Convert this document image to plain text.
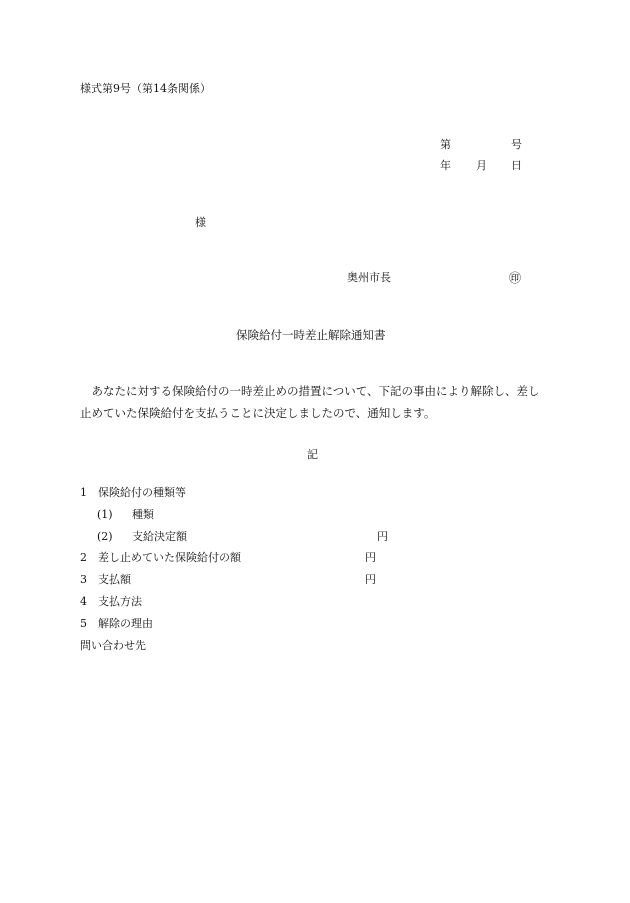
様式第9号（第14条関係）
第	号
年 月 日
様
奥州市長	㊞
保険給付一時差止解除通知書
　あなたに対する保険給付の一時差止めの措置について、下記の事由により解除し、差し
止めていた保険給付を支払うことに決定しましたので、通知します。
記
1　保険給付の種類等
(1) 種類
(2) 支給決定額	円
2　差し止めていた保険給付の額	円
3　支払額	円
4　支払方法
5　解除の理由
問い合わせ先
